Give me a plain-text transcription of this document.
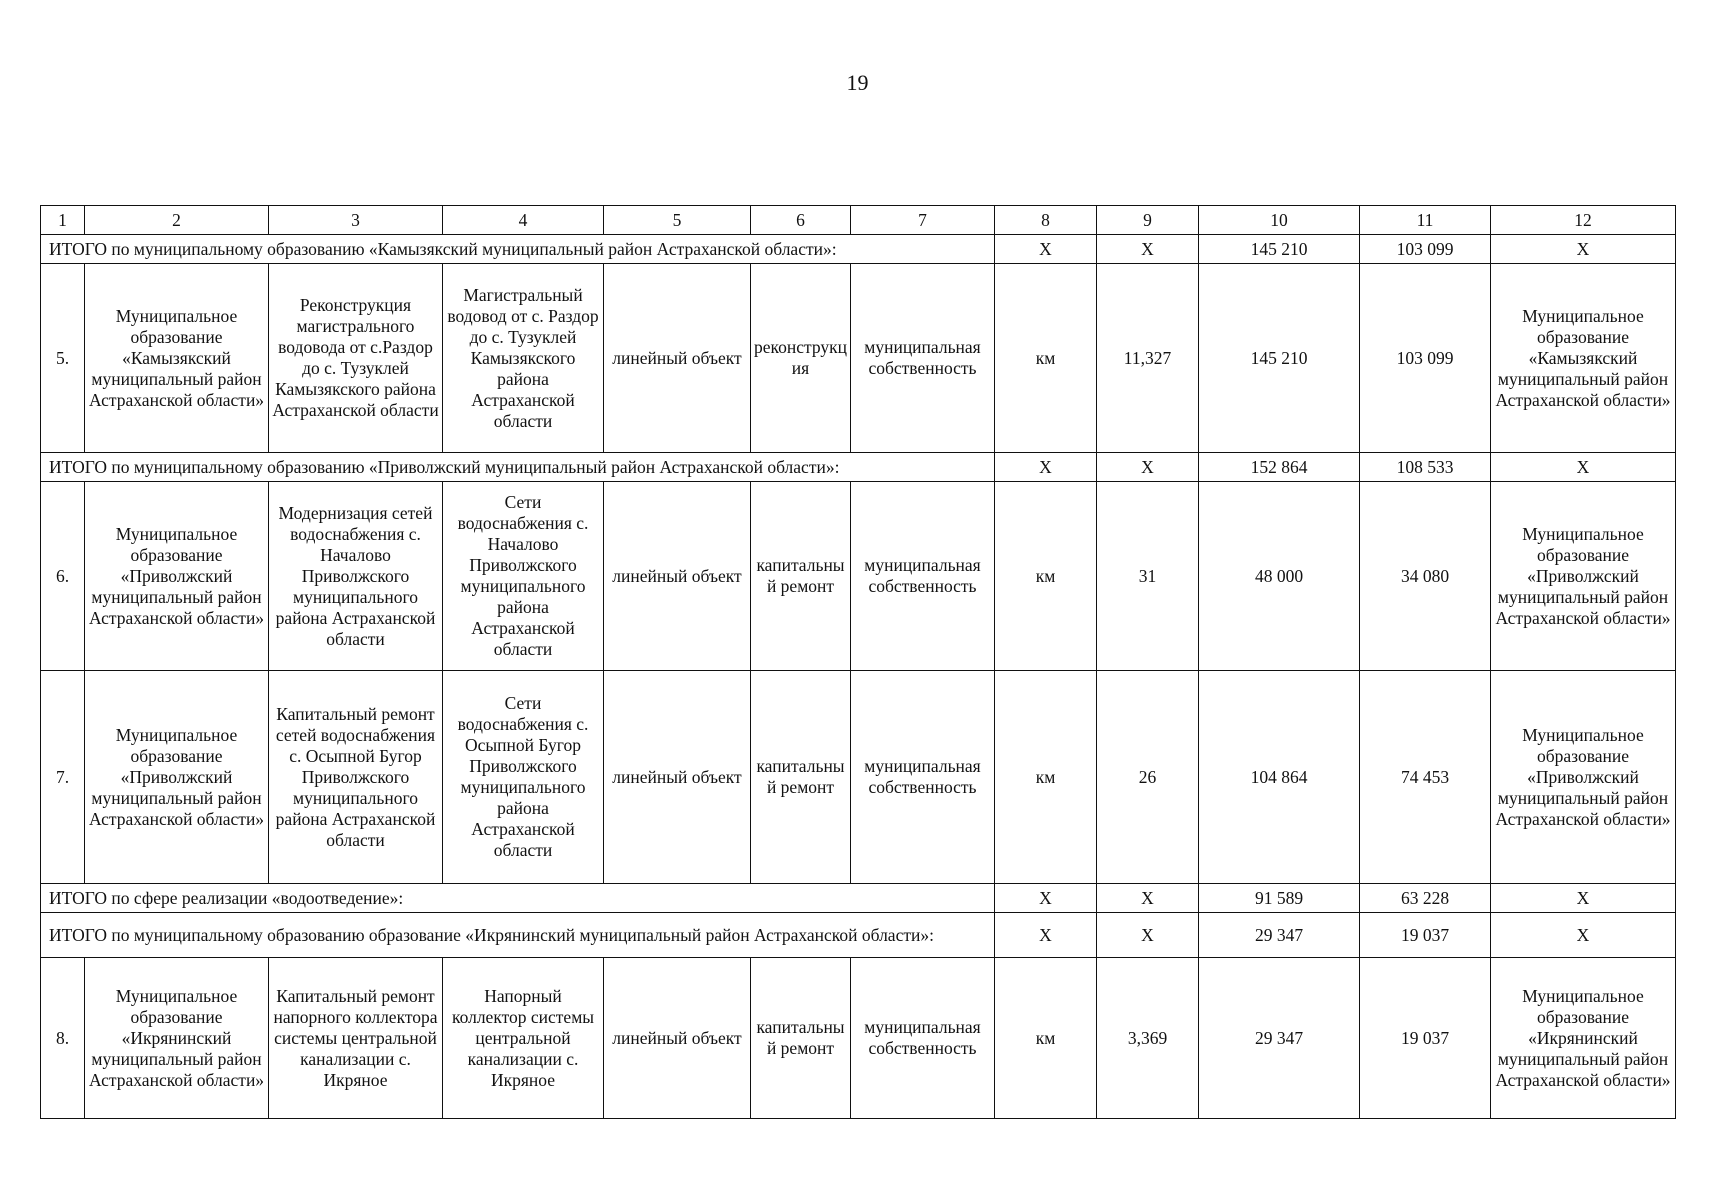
19
1	2	3	4	5	6	7	8	9	10	11	12
ИТОГО по муниципальному образованию «Камызякский муниципальный район Астраханской области»:							Х	Х	145 210	103 099	Х
5.	Муниципальное образование «Камызякский муниципальный район Астраханской области»	Реконструкция магистрального водовода от с.Раздор до с. Тузуклей Камызякского района Астраханской области	Магистральный водовод от с. Раздор до с. Тузуклей Камызякского района Астраханской области	линейный объект	реконструкция	муниципальная собственность	км	11,327	145 210	103 099	Муниципальное образование «Камызякский муниципальный район Астраханской области»
ИТОГО по муниципальному образованию «Приволжский муниципальный район Астраханской области»:							Х	Х	152 864	108 533	Х
6.	Муниципальное образование «Приволжский муниципальный район Астраханской области»	Модернизация сетей водоснабжения с. Началово Приволжского муниципального района Астраханской области	Сети водоснабжения с. Началово Приволжского муниципального района Астраханской области	линейный объект	капитальный ремонт	муниципальная собственность	км	31	48 000	34 080	Муниципальное образование «Приволжский муниципальный район Астраханской области»
7.	Муниципальное образование «Приволжский муниципальный район Астраханской области»	Капитальный ремонт сетей водоснабжения с. Осыпной Бугор Приволжского муниципального района Астраханской области	Сети водоснабжения с. Осыпной Бугор Приволжского муниципального района Астраханской области	линейный объект	капитальный ремонт	муниципальная собственность	км	26	104 864	74 453	Муниципальное образование «Приволжский муниципальный район Астраханской области»
ИТОГО по сфере реализации «водоотведение»:							Х	Х	91 589	63 228	Х
ИТОГО по муниципальному образованию образование «Икрянинский муниципальный район Астраханской области»:							Х	Х	29 347	19 037	Х
8.	Муниципальное образование «Икрянинский муниципальный район Астраханской области»	Капитальный ремонт напорного коллектора системы центральной канализации с. Икряное	Напорный коллектор системы центральной канализации с. Икряное	линейный объект	капитальный ремонт	муниципальная собственность	км	3,369	29 347	19 037	Муниципальное образование «Икрянинский муниципальный район Астраханской области»
